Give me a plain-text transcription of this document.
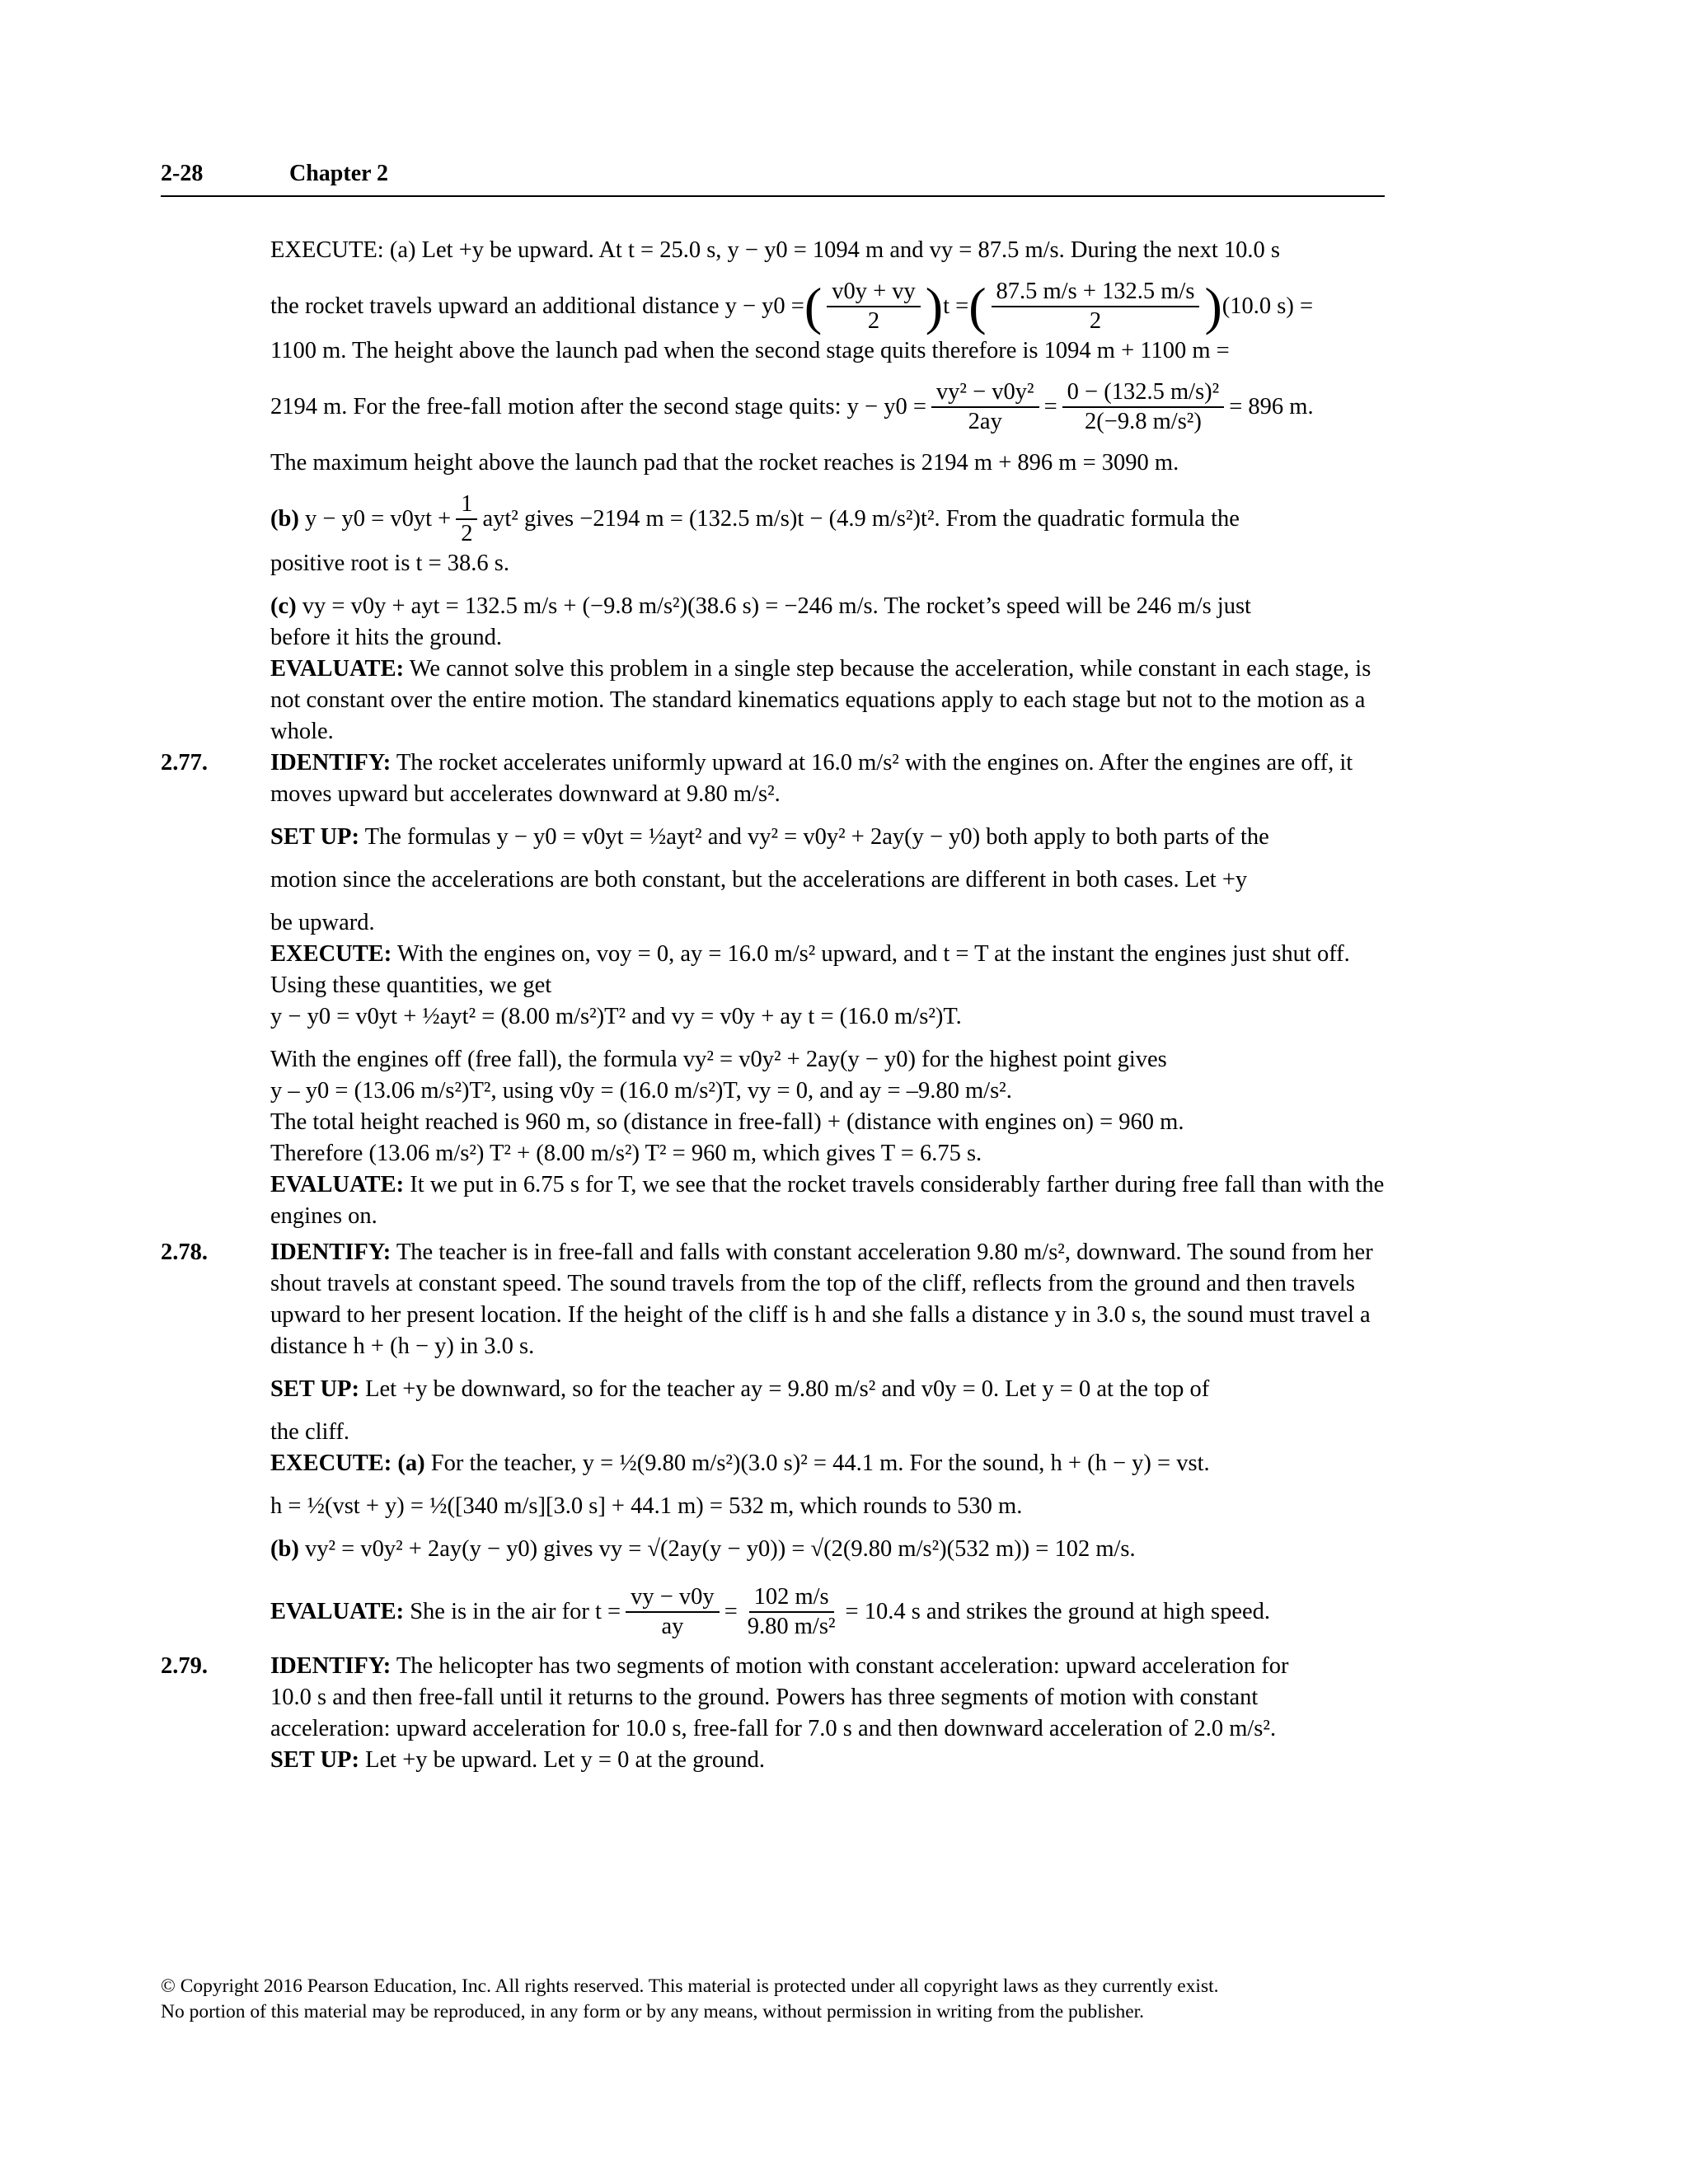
2-28	Chapter 2
EXECUTE: (a) Let +y be upward. At t = 25.0 s, y − y0 = 1094 m and vy = 87.5 m/s. During the next 10.0 s
the rocket travels upward an additional distance y − y0 = ( $\frac{v0y + vy}{2}$ ) t = ( $\frac{87.5 m/s + 132.5 m/s}{2}$ ) (10.0 s) =
1100 m. The height above the launch pad when the second stage quits therefore is 1094 m + 1100 m =
2194 m. For the free-fall motion after the second stage quits: $y - y0 = \frac{\text{vy² − v0y²}}{2ay} = \frac{\text{0 − (132.5 m/s)²}}{\text{2(−9.8 m/s²)}} = 896$ m.
The maximum height above the launch pad that the rocket reaches is 2194 m + 896 m = 3090 m.
(b)
$y - y0 = v0yt + \frac{1}{2} ayt^2$ gives −2194 m = (132.5 m/s)t − (4.9 m/s²)t². From the quadratic formula the
positive root is t = 38.6 s.
(c) vy = v0y + ayt = 132.5 m/s + (−9.8 m/s²)(38.6 s) = −246 m/s. The rocket’s speed will be 246 m/s just
before it hits the ground.
EVALUATE: We cannot solve this problem in a single step because the acceleration, while constant in each stage, is not constant over the entire motion. The standard kinematics equations apply to each stage but not to the motion as a whole.
2.77.	IDENTIFY: The rocket accelerates uniformly upward at 16.0 m/s² with the engines on. After the engines are off, it moves upward but accelerates downward at 9.80 m/s².
SET UP: The formulas y − y0 = v0yt = ½ayt² and vy² = v0y² + 2ay(y − y0) both apply to both parts of the
motion since the accelerations are both constant, but the accelerations are different in both cases. Let +y
be upward.
EXECUTE: With the engines on, voy = 0, ay = 16.0 m/s² upward, and t = T at the instant the engines just shut off. Using these quantities, we get
y − y0 = v0yt + ½ayt² = (8.00 m/s²)T² and vy = v0y + ay t = (16.0 m/s²)T.
With the engines off (free fall), the formula vy² = v0y² + 2ay(y − y0) for the highest point gives
y – y0 = (13.06 m/s²)T², using v0y = (16.0 m/s²)T, vy = 0, and ay = –9.80 m/s².
The total height reached is 960 m, so (distance in free-fall) + (distance with engines on) = 960 m.
Therefore (13.06 m/s²) T² + (8.00 m/s²) T² = 960 m, which gives T = 6.75 s.
EVALUATE: It we put in 6.75 s for T, we see that the rocket travels considerably farther during free fall than with the engines on.
2.78.	IDENTIFY: The teacher is in free-fall and falls with constant acceleration 9.80 m/s², downward. The sound from her shout travels at constant speed. The sound travels from the top of the cliff, reflects from the ground and then travels upward to her present location. If the height of the cliff is h and she falls a distance y in 3.0 s, the sound must travel a distance h + (h − y) in 3.0 s.
SET UP: Let +y be downward, so for the teacher ay = 9.80 m/s² and v0y = 0. Let y = 0 at the top of
the cliff.
EXECUTE: (a) For the teacher, y = ½(9.80 m/s²)(3.0 s)² = 44.1 m. For the sound, h + (h − y) = vst.
h = ½(vst + y) = ½([340 m/s][3.0 s] + 44.1 m) = 532 m, which rounds to 530 m.
(b) vy² = v0y² + 2ay(y − y0) gives vy = √(2ay(y − y0)) = √(2(9.80 m/s²)(532 m)) = 102 m/s.
EVALUATE:
She is in the air for $t = \frac{vy - v0y}{ay} = \frac{102 m/s}{\text{9.80 m/s²}} = 10.4$ s and strikes the ground at high speed.
2.79.	IDENTIFY: The helicopter has two segments of motion with constant acceleration: upward acceleration for
10.0 s and then free-fall until it returns to the ground. Powers has three segments of motion with constant
acceleration: upward acceleration for 10.0 s, free-fall for 7.0 s and then downward acceleration of 2.0 m/s².
SET UP: Let +y be upward. Let y = 0 at the ground.
© Copyright 2016 Pearson Education, Inc. All rights reserved. This material is protected under all copyright laws as they currently exist.
No portion of this material may be reproduced, in any form or by any means, without permission in writing from the publisher.
